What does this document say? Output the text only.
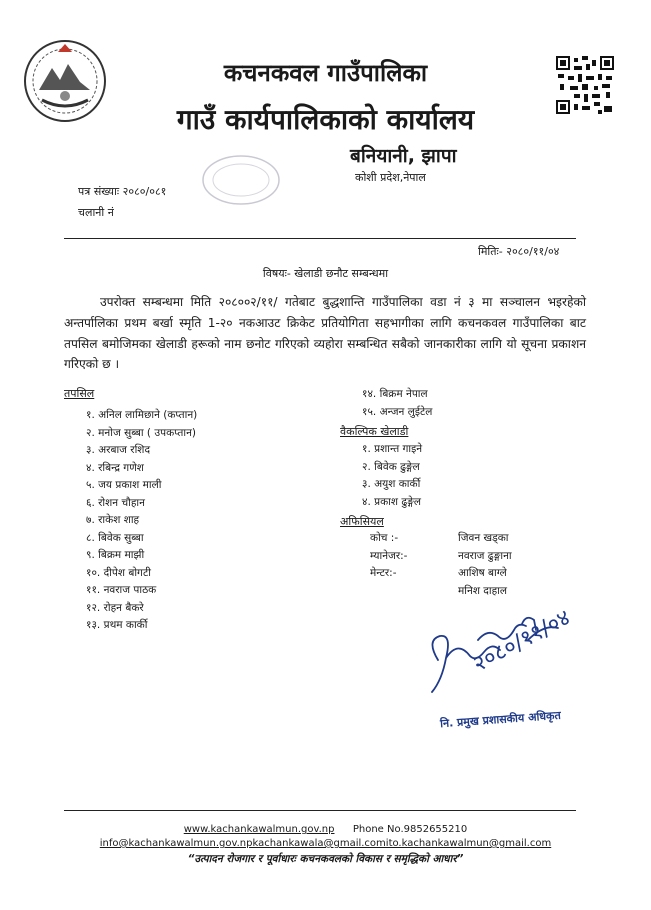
कचनकवल गाउँपालिका
गाउँ कार्यपालिकाको कार्यालय
बनियानी, झापा
कोशी प्रदेश,नेपाल
पत्र संख्याः २०८०/०८१
चलानी नं
मितिः- २०८०/११/०४
विषयः- खेलाडी छनौट सम्बन्धमा
उपरोक्त सम्बन्धमा मिति २०८००२/११/ गतेबाट बुद्धशान्ति गाउँपालिका वडा नं ३ मा सञ्चालन भइरहेको अन्तर्पालिका प्रथम बर्खा स्मृति 1-२० नकआउट क्रिकेट प्रतियोगिता सहभागीका लागि कचनकवल गाउँपालिका बाट तपसिल बमोजिमका खेलाडी हरूको नाम छनोट गरिएको व्यहोरा सम्बन्धित सबैको जानकारीका लागि यो सूचना प्रकाशन गरिएको छ ।
तपसिल
१. अनिल लामिछाने (कप्तान)
२. मनोज सुब्बा ( उपकप्तान)
३. अरबाज रशिद
४. रबिन्द्र गणेश
५. जय प्रकाश माली
६. रोशन चौहान
७. राकेश शाह
८. बिवेक सुब्बा
९. बिक्रम माझी
१०. दीपेश बोगटी
११. नवराज पाठक
१२. रोहन बैकरे
१३. प्रथम कार्की
१४. बिक्रम नेपाल
१५. अन्जन लुईटेल
वैकल्पिक खेलाडी
१. प्रशान्त गाइने
२. बिवेक ढुङ्गेल
३. अयुश कार्की
४. प्रकाश ढुङ्गेल
अफिसियल
कोच :-
म्यानेजर:-
मेन्टर:-
जिवन खड्का
नवराज ढुङ्गाना
आशिष बाग्ले
मनिश दाहाल
२०८०/११/०४
नि. प्रमुख प्रशासकीय अधिकृत
www.kachankawalmun.gov.np Phone No.9852655210
info@kachankawalmun.gov.npkachankawala@gmail.comito.kachankawalmun@gmail.com
“उत्पादन रोजगार र पूर्वाधारः कचनकवलको विकास र समृद्धिको आधार”
